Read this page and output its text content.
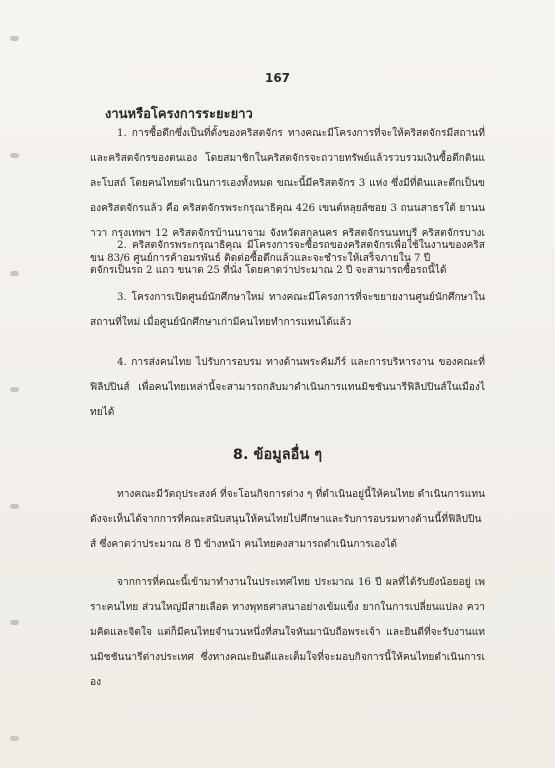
167
งานหรือโครงการระยะยาว
1. การซื้อตึกซึ่งเป็นที่ตั้งของคริสตจักร ทางคณะมีโครงการที่จะให้คริสตจักรมีสถานที่และคริสตจักรของตนเอง โดยสมาชิกในคริสตจักรจะถวายทรัพย์แล้วรวบรวมเงินซื้อตึกดินและโบสถ์ โดยคนไทยดำเนินการเองทั้งหมด ขณะนี้มีคริสตจักร 3 แห่ง ซึ่งมีที่ดินและตึกเป็นของคริสตจักรแล้ว คือ คริสตจักรพระกรุณาธิคุณ 426 เขนต์หลุยส์ซอย 3 ถนนสาธรใต้ ยานนาวา กรุงเทพฯ 12 คริสตจักรบ้านนาจาม จังหวัดสกลนคร คริสตจักรนนทบุรี คริสตจักรบางเขน 83/6 ศูนย์การค้าอมรพันธ์ ติดต่อซื้อตึกแล้วและจะชำระให้เสร็จภายใน 7 ปี
2. คริสตจักรพระกรุณาธิคุณ มีโครงการจะซื้อรถของคริสตจักรเพื่อใช้ในงานของคริสตจักรเป็นรถ 2 แถว ขนาด 25 ที่นั่ง โดยคาดว่าประมาณ 2 ปี จะสามารถซื้อรถนี้ได้
3. โครงการเปิดศูนย์นักศึกษาใหม่ ทางคณะมีโครงการที่จะขยายงานศูนย์นักศึกษาในสถานที่ใหม่ เมื่อศูนย์นักศึกษาเก่ามีคนไทยทำการแทนได้แล้ว
4. การส่งคนไทย ไปรับการอบรม ทางด้านพระคัมภีร์ และการบริหารงาน ของคณะที่ฟิลิปปินส์ เพื่อคนไทยเหล่านี้จะสามารถกลับมาดำเนินการแทนมิชชันนารีฟิลิปปินส์ในเมืองไทยได้
8. ข้อมูลอื่น ๆ
ทางคณะมีวัตถุประสงค์ ที่จะโอนกิจการต่าง ๆ ที่ดำเนินอยู่นี้ให้คนไทย ดำเนินการแทน ดังจะเห็นได้จากการที่คณะสนับสนุนให้คนไทยไปศึกษาและรับการอบรมทางด้านนี้ที่ฟิลิปปินส์ ซึ่งคาดว่าประมาณ 8 ปี ข้างหน้า คนไทยคงสามารถดำเนินการเองได้
จากการที่คณะนี้เข้ามาทำงานในประเทศไทย ประมาณ 16 ปี ผลที่ได้รับยังน้อยอยู่ เพราะคนไทย ส่วนใหญ่มีสายเลือด ทางพุทธศาสนาอย่างเข้มแข็ง ยากในการเปลี่ยนแปลง ความคิดและจิตใจ แต่ก็มีคนไทยจำนวนหนึ่งที่สนใจหันมานับถือพระเจ้า และยินดีที่จะรับงานแทนมิชชันนารีต่างประเทศ ซึ่งทางคณะยินดีและเต็มใจที่จะมอบกิจการนี้ให้คนไทยดำเนินการเอง
